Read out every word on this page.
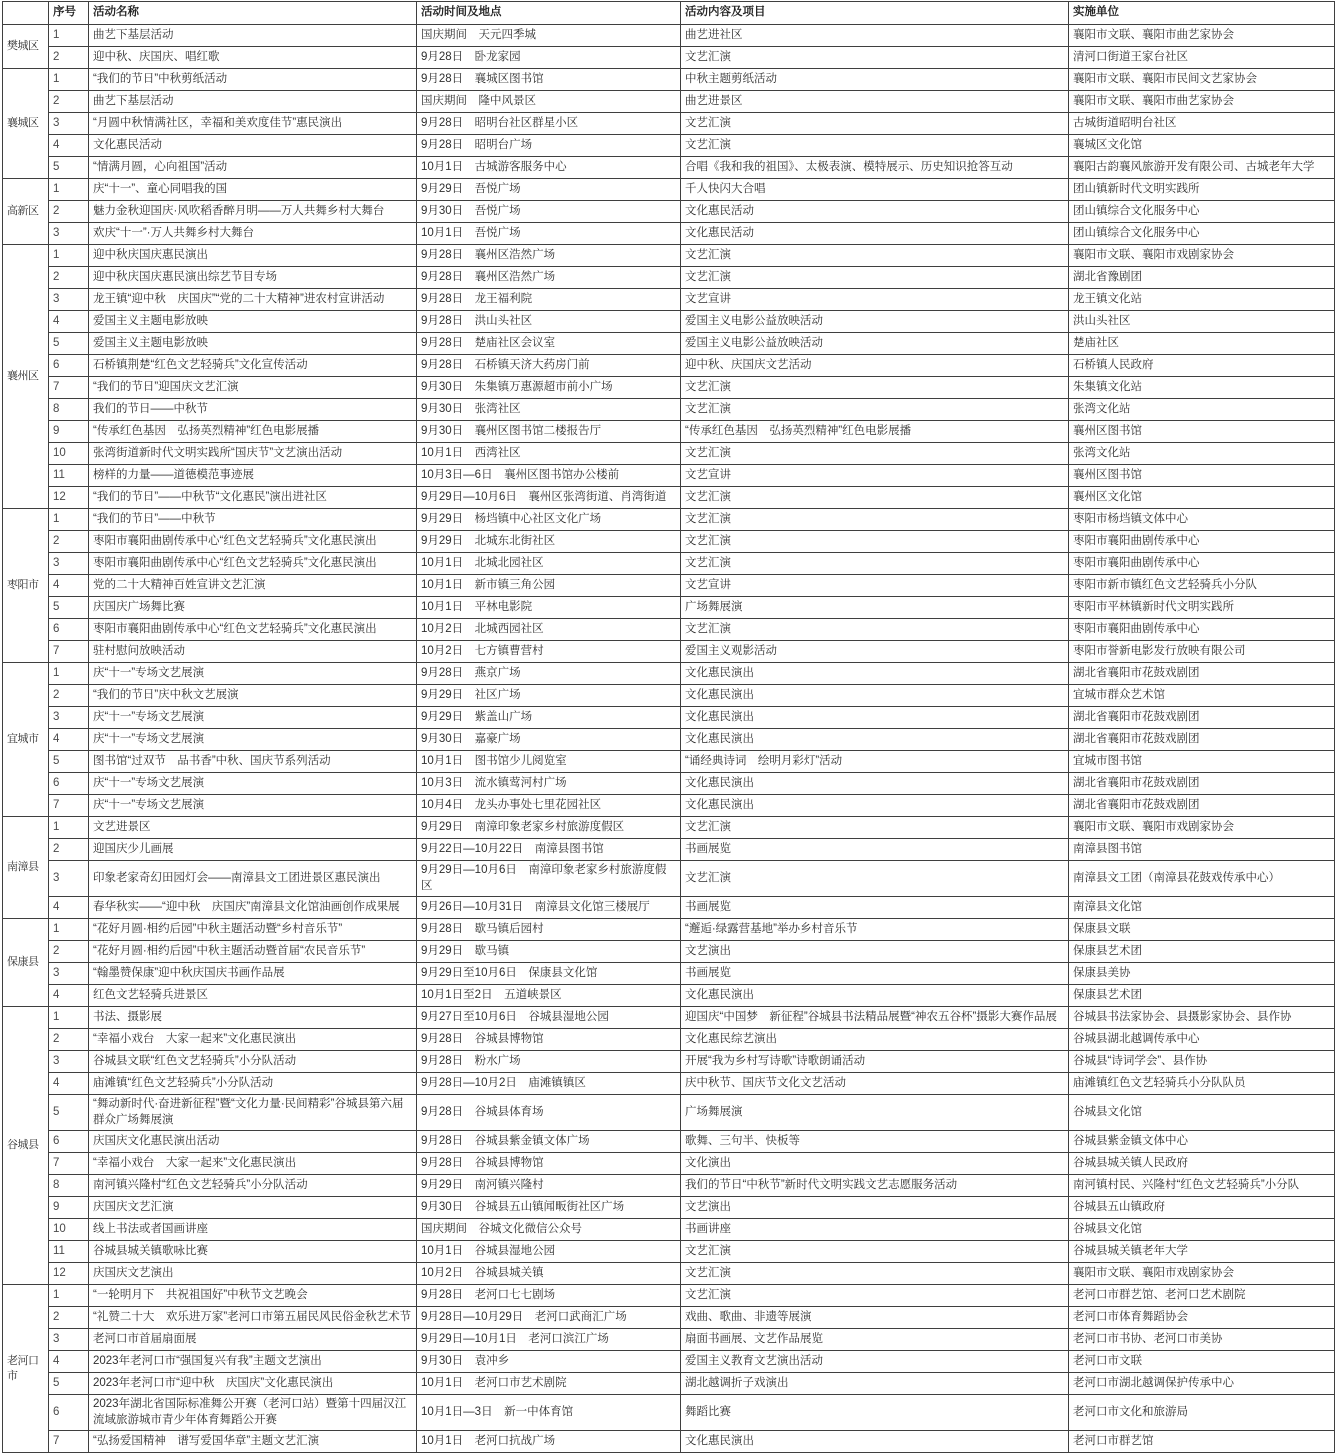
	序号	活动名称	活动时间及地点	活动内容及项目	实施单位
樊城区	1	曲艺下基层活动	国庆期间　天元四季城	曲艺进社区	襄阳市文联、襄阳市曲艺家协会
	2	迎中秋、庆国庆、唱红歌	9月28日　卧龙家园	文艺汇演	清河口街道王家台社区
襄城区	1	“我们的节日”中秋剪纸活动	9月28日　襄城区图书馆	中秋主题剪纸活动	襄阳市文联、襄阳市民间文艺家协会
	2	曲艺下基层活动	国庆期间　隆中风景区	曲艺进景区	襄阳市文联、襄阳市曲艺家协会
	3	“月圆中秋情满社区，幸福和美欢度佳节”惠民演出	9月28日　昭明台社区群星小区	文艺汇演	古城街道昭明台社区
	4	文化惠民活动	9月28日　昭明台广场	文艺汇演	襄城区文化馆
	5	“情满月圆，心向祖国”活动	10月1日　古城游客服务中心	合唱《我和我的祖国》、太极表演、模特展示、历史知识抢答互动	襄阳古韵襄风旅游开发有限公司、古城老年大学
高新区	1	庆“十一”、童心同唱我的国	9月29日　吾悦广场	千人快闪大合唱	团山镇新时代文明实践所
	2	魅力金秋迎国庆·风吹稻香醉月明——万人共舞乡村大舞台	9月30日　吾悦广场	文化惠民活动	团山镇综合文化服务中心
	3	欢庆“十一”·万人共舞乡村大舞台	10月1日　吾悦广场	文化惠民活动	团山镇综合文化服务中心
襄州区	1	迎中秋庆国庆惠民演出	9月28日　襄州区浩然广场	文艺汇演	襄阳市文联、襄阳市戏剧家协会
	2	迎中秋庆国庆惠民演出综艺节目专场	9月28日　襄州区浩然广场	文艺汇演	湖北省豫剧团
	3	龙王镇“迎中秋　庆国庆”“党的二十大精神”进农村宣讲活动	9月28日　龙王福利院	文艺宣讲	龙王镇文化站
	4	爱国主义主题电影放映	9月28日　洪山头社区	爱国主义电影公益放映活动	洪山头社区
	5	爱国主义主题电影放映	9月28日　楚庙社区会议室	爱国主义电影公益放映活动	楚庙社区
	6	石桥镇荆楚“红色文艺轻骑兵”文化宣传活动	9月28日　石桥镇天济大药房门前	迎中秋、庆国庆文艺活动	石桥镇人民政府
	7	“我们的节日”迎国庆文艺汇演	9月30日　朱集镇万惠源超市前小广场	文艺汇演	朱集镇文化站
	8	我们的节日——中秋节	9月30日　张湾社区	文艺汇演	张湾文化站
	9	“传承红色基因　弘扬英烈精神”红色电影展播	9月30日　襄州区图书馆二楼报告厅	“传承红色基因　弘扬英烈精神”红色电影展播	襄州区图书馆
	10	张湾街道新时代文明实践所“国庆节”文艺演出活动	10月1日　西湾社区	文艺汇演	张湾文化站
	11	榜样的力量——道德模范事迹展	10月3日—6日　襄州区图书馆办公楼前	文艺宣讲	襄州区图书馆
	12	“我们的节日”——中秋节“文化惠民”演出进社区	9月29日—10月6日　襄州区张湾街道、肖湾街道	文艺汇演	襄州区文化馆
枣阳市	1	“我们的节日”——中秋节	9月29日　杨垱镇中心社区文化广场	文艺汇演	枣阳市杨垱镇文体中心
	2	枣阳市襄阳曲剧传承中心“红色文艺轻骑兵”文化惠民演出	9月29日　北城东北街社区	文艺汇演	枣阳市襄阳曲剧传承中心
	3	枣阳市襄阳曲剧传承中心“红色文艺轻骑兵”文化惠民演出	10月1日　北城北园社区	文艺汇演	枣阳市襄阳曲剧传承中心
	4	党的二十大精神百姓宣讲文艺汇演	10月1日　新市镇三角公园	文艺宣讲	枣阳市新市镇红色文艺轻骑兵小分队
	5	庆国庆广场舞比赛	10月1日　平林电影院	广场舞展演	枣阳市平林镇新时代文明实践所
	6	枣阳市襄阳曲剧传承中心“红色文艺轻骑兵”文化惠民演出	10月2日　北城西园社区	文艺汇演	枣阳市襄阳曲剧传承中心
	7	驻村慰问放映活动	10月2日　七方镇曹营村	爱国主义观影活动	枣阳市誉新电影发行放映有限公司
宜城市	1	庆“十一”专场文艺展演	9月28日　燕京广场	文化惠民演出	湖北省襄阳市花鼓戏剧团
	2	“我们的节日”庆中秋文艺展演	9月29日　社区广场	文化惠民演出	宜城市群众艺术馆
	3	庆“十一”专场文艺展演	9月29日　紫盖山广场	文化惠民演出	湖北省襄阳市花鼓戏剧团
	4	庆“十一”专场文艺展演	9月30日　嘉豪广场	文化惠民演出	湖北省襄阳市花鼓戏剧团
	5	图书馆“过双节　品书香”中秋、国庆节系列活动	10月1日　图书馆少儿阅览室	“诵经典诗词　绘明月彩灯”活动	宜城市图书馆
	6	庆“十一”专场文艺展演	10月3日　流水镇莺河村广场	文化惠民演出	湖北省襄阳市花鼓戏剧团
	7	庆“十一”专场文艺展演	10月4日　龙头办事处七里花园社区	文化惠民演出	湖北省襄阳市花鼓戏剧团
南漳县	1	文艺进景区	9月29日　南漳印象老家乡村旅游度假区	文艺汇演	襄阳市文联、襄阳市戏剧家协会
	2	迎国庆少儿画展	9月22日—10月22日　南漳县图书馆	书画展览	南漳县图书馆
	3	印象老家奇幻田园灯会——南漳县文工团进景区惠民演出	9月29日—10月6日　南漳印象老家乡村旅游度假区	文艺汇演	南漳县文工团（南漳县花鼓戏传承中心）
	4	春华秋实——“迎中秋　庆国庆”南漳县文化馆油画创作成果展	9月26日—10月31日　南漳县文化馆三楼展厅	书画展览	南漳县文化馆
保康县	1	“花好月圆·相约后园”中秋主题活动暨“乡村音乐节”	9月28日　歇马镇后园村	“邂逅·绿露营基地”举办乡村音乐节	保康县文联
	2	“花好月圆·相约后园”中秋主题活动暨首届“农民音乐节”	9月29日　歇马镇	文艺演出	保康县艺术团
	3	“翰墨赞保康”迎中秋庆国庆书画作品展	9月29日至10月6日　保康县文化馆	书画展览	保康县美协
	4	红色文艺轻骑兵进景区	10月1日至2日　五道峡景区	文化惠民演出	保康县艺术团
谷城县	1	书法、摄影展	9月27日至10月6日　谷城县湿地公园	迎国庆“中国梦　新征程”谷城县书法精品展暨“神农五谷杯”摄影大赛作品展	谷城县书法家协会、县摄影家协会、县作协
	2	“幸福小戏台　大家一起来”文化惠民演出	9月28日　谷城县博物馆	文化惠民综艺演出	谷城县湖北越调传承中心
	3	谷城县文联“红色文艺轻骑兵”小分队活动	9月28日　粉水广场	开展“我为乡村写诗歌”诗歌朗诵活动	谷城县“诗词学会”、县作协
	4	庙滩镇“红色文艺轻骑兵”小分队活动	9月28日—10月2日　庙滩镇镇区	庆中秋节、国庆节文化文艺活动	庙滩镇红色文艺轻骑兵小分队队员
	5	“舞动新时代·奋进新征程”暨“文化力量·民间精彩”谷城县第六届群众广场舞展演	9月28日　谷城县体育场	广场舞展演	谷城县文化馆
	6	庆国庆文化惠民演出活动	9月28日　谷城县紫金镇文体广场	歌舞、三句半、快板等	谷城县紫金镇文体中心
	7	“幸福小戏台　大家一起来”文化惠民演出	9月28日　谷城县博物馆	文化演出	谷城县城关镇人民政府
	8	南河镇兴隆村“红色文艺轻骑兵”小分队活动	9月29日　南河镇兴隆村	我们的节日“中秋节”新时代文明实践文艺志愿服务活动	南河镇村民、兴隆村“红色文艺轻骑兵”小分队
	9	庆国庆文艺汇演	9月30日　谷城县五山镇闻畈街社区广场	文艺演出	谷城县五山镇政府
	10	线上书法或者国画讲座	国庆期间　谷城文化微信公众号	书画讲座	谷城县文化馆
	11	谷城县城关镇歌咏比赛	10月1日　谷城县湿地公园	文艺汇演	谷城县城关镇老年大学
	12	庆国庆文艺演出	10月2日　谷城县城关镇	文艺汇演	襄阳市文联、襄阳市戏剧家协会
老河口市	1	“一轮明月下　共祝祖国好”中秋节文艺晚会	9月28日　老河口七七剧场	文艺汇演	老河口市群艺馆、老河口艺术剧院
	2	“礼赞二十大　欢乐进万家”老河口市第五届民风民俗金秋艺术节	9月28日—10月29日　老河口武商汇广场	戏曲、歌曲、非遗等展演	老河口市体育舞蹈协会
	3	老河口市首届扇面展	9月29日—10月1日　老河口滨江广场	扇面书画展、文艺作品展览	老河口市书协、老河口市美协
	4	2023年老河口市“强国复兴有我”主题文艺演出	9月30日　袁冲乡	爱国主义教育文艺演出活动	老河口市文联
	5	2023年老河口市“迎中秋　庆国庆”文化惠民演出	10月1日　老河口市艺术剧院	湖北越调折子戏演出	老河口市湖北越调保护传承中心
	6	2023年湖北省国际标准舞公开赛（老河口站）暨第十四届汉江流域旅游城市青少年体育舞蹈公开赛	10月1日—3日　新一中体育馆	舞蹈比赛	老河口市文化和旅游局
	7	“弘扬爱国精神　谱写爱国华章”主题文艺汇演	10月1日　老河口抗战广场	文化惠民演出	老河口市群艺馆
